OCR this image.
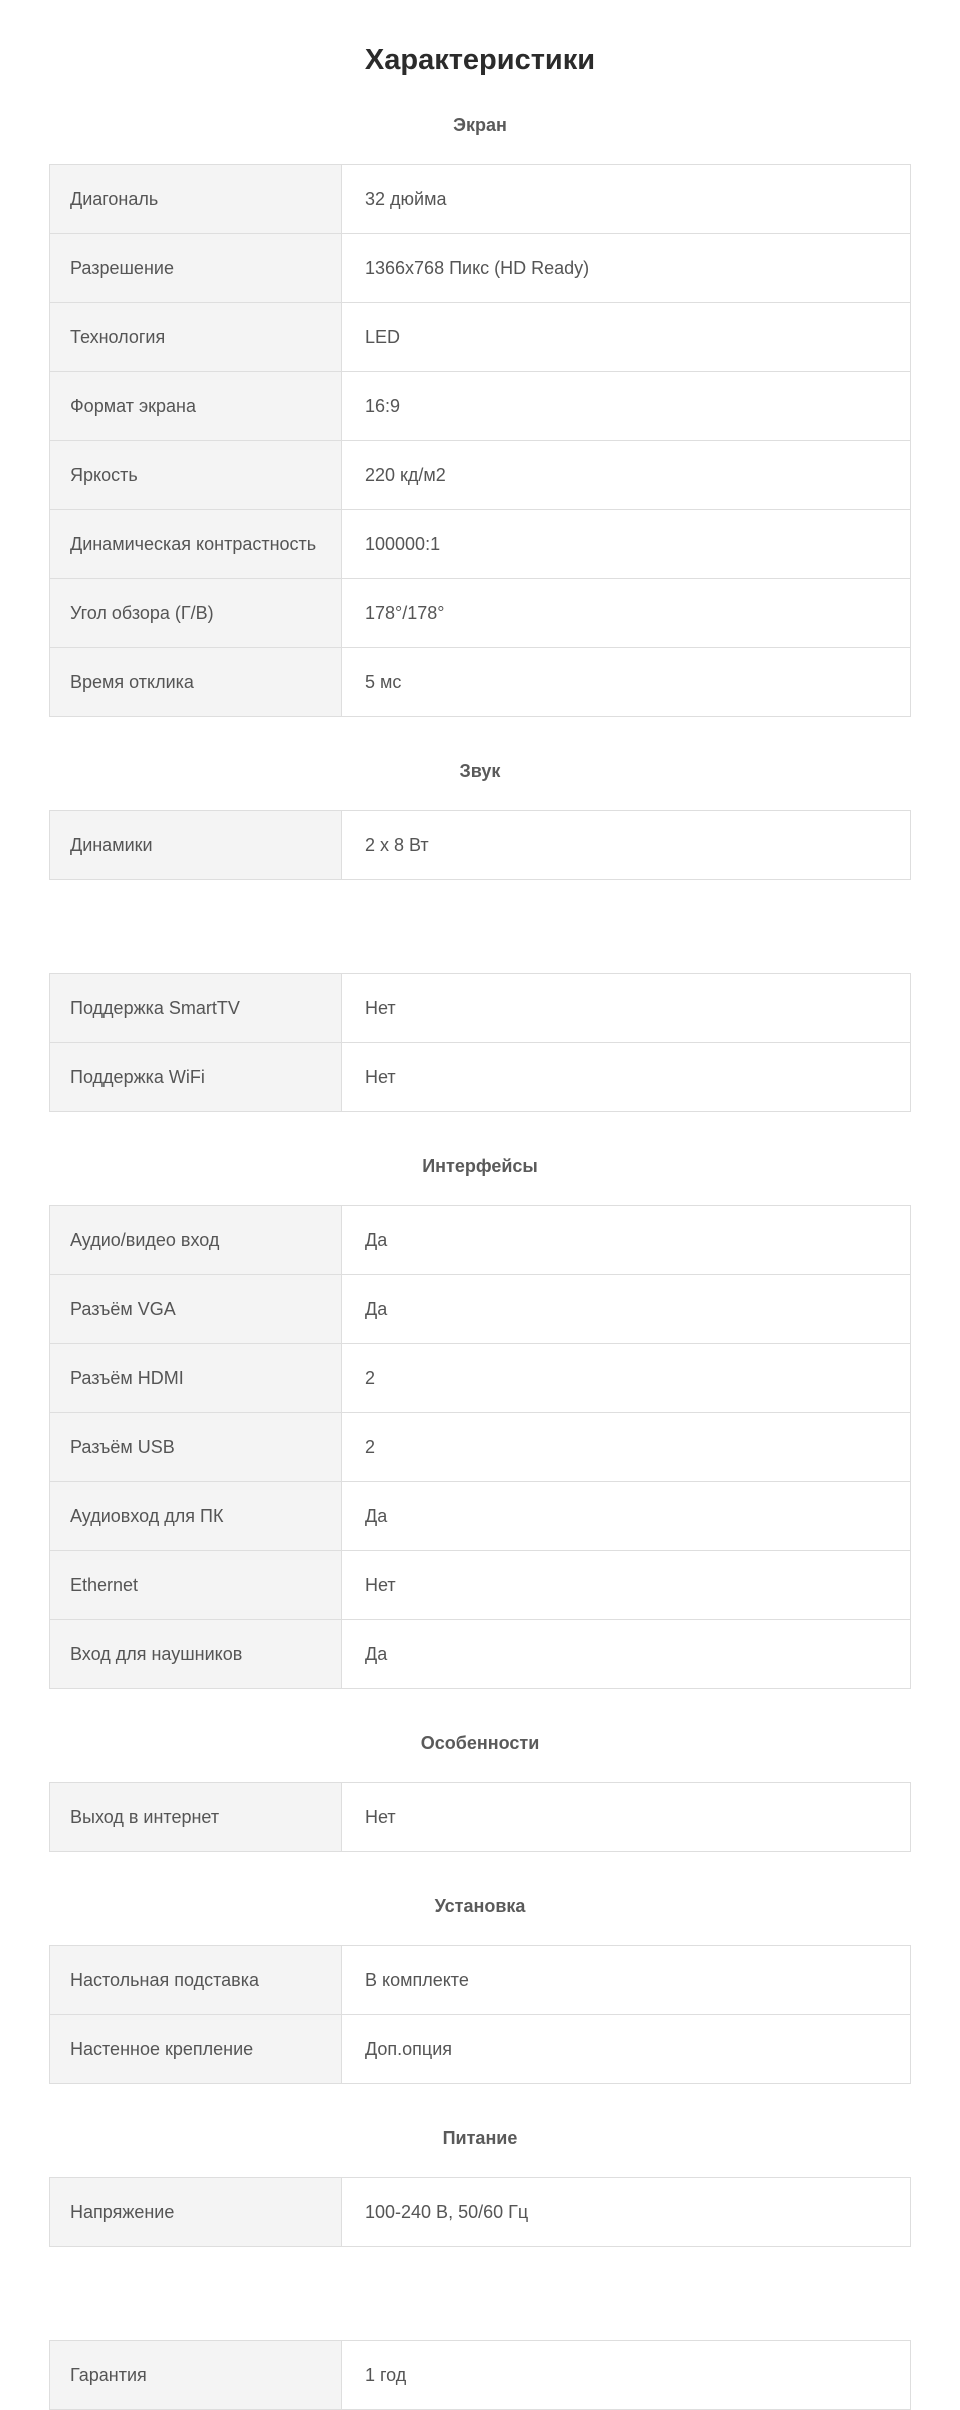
Характеристики
Экран
Диагональ	32 дюйма
Разрешение	1366x768 Пикс (HD Ready)
Технология	LED
Формат экрана	16:9
Яркость	220 кд/м2
Динамическая контрастность	100000:1
Угол обзора (Г/В)	178°/178°
Время отклика	5 мс
Звук
Динамики	2 x 8 Вт
Поддержка SmartTV	Нет
Поддержка WiFi	Нет
Интерфейсы
Аудио/видео вход	Да
Разъём VGA	Да
Разъём HDMI	2
Разъём USB	2
Аудиовход для ПК	Да
Ethernet	Нет
Вход для наушников	Да
Особенности
Выход в интернет	Нет
Установка
Настольная подставка	В комплекте
Настенное крепление	Доп.опция
Питание
Напряжение	100-240 В, 50/60 Гц
Гарантия	1 год
